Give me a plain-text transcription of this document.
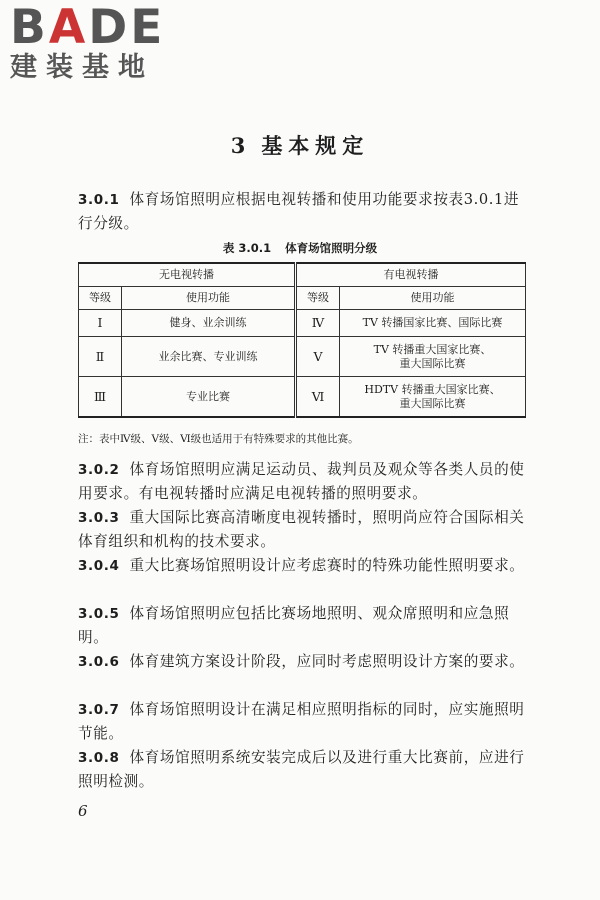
BADE
建装基地
3 基本规定
3.0.1 体育场馆照明应根据电视转播和使用功能要求按表3.0.1进行分级。
表 3.0.1 体育场馆照明分级
无电视转播		有电视转播	
等级	使用功能	等级	使用功能
Ⅰ	健身、业余训练	Ⅳ	TV 转播国家比赛、国际比赛
Ⅱ	业余比赛、专业训练	Ⅴ	TV 转播重大国家比赛、
重大国际比赛
Ⅲ	专业比赛	Ⅵ	HDTV 转播重大国家比赛、
重大国际比赛
注：表中Ⅳ级、Ⅴ级、Ⅵ级也适用于有特殊要求的其他比赛。
3.0.2 体育场馆照明应满足运动员、裁判员及观众等各类人员的使用要求。有电视转播时应满足电视转播的照明要求。
3.0.3 重大国际比赛高清晰度电视转播时，照明尚应符合国际相关体育组织和机构的技术要求。
3.0.4 重大比赛场馆照明设计应考虑赛时的特殊功能性照明要求。
3.0.5 体育场馆照明应包括比赛场地照明、观众席照明和应急照明。
3.0.6 体育建筑方案设计阶段，应同时考虑照明设计方案的要求。
3.0.7 体育场馆照明设计在满足相应照明指标的同时，应实施照明节能。
3.0.8 体育场馆照明系统安装完成后以及进行重大比赛前，应进行照明检测。
6
